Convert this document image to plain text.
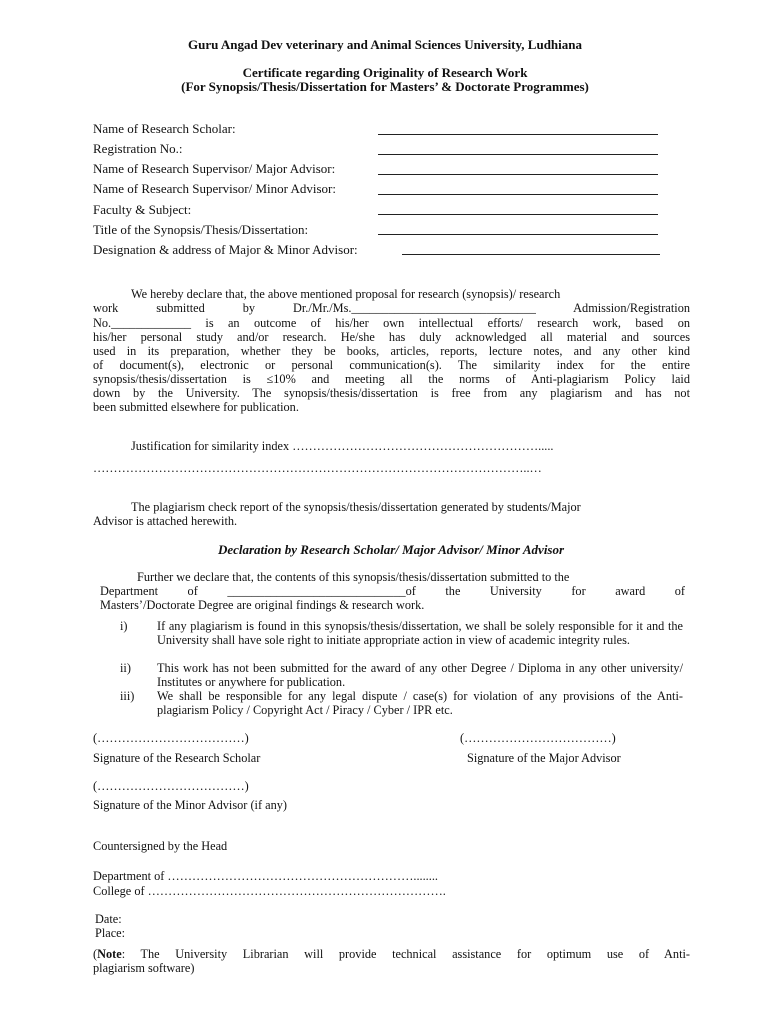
Guru Angad Dev veterinary and Animal Sciences University, Ludhiana
Certificate regarding Originality of Research Work
(For Synopsis/Thesis/Dissertation for Masters’ & Doctorate Programmes)
Name of Research Scholar:
Registration No.:
Name of Research Supervisor/ Major Advisor:
Name of Research Supervisor/ Minor Advisor:
Faculty & Subject:
Title of the Synopsis/Thesis/Dissertation:
Designation & address of Major & Minor Advisor:
We hereby declare that, the above mentioned proposal for research (synopsis)/ research
work submitted by Dr./Mr./Ms.______________________________ Admission/Registration
No._____________ is an outcome of his/her own intellectual efforts/ research work, based on
his/her personal study and/or research. He/she has duly acknowledged all material and sources
used in its preparation, whether they be books, articles, reports, lecture notes, and any other kind
of document(s), electronic or personal communication(s). The similarity index for the entire
synopsis/thesis/dissertation is ≤10% and meeting all the norms of Anti-plagiarism Policy laid
down by the University. The synopsis/thesis/dissertation is free from any plagiarism and has not
been submitted elsewhere for publication.
Justification for similarity index …………………………………………………….....
……………………………………………………………………………………………..…
The plagiarism check report of the synopsis/thesis/dissertation generated by students/Major
Advisor is attached herewith.
Declaration by Research Scholar/ Major Advisor/ Minor Advisor
Further we declare that, the contents of this synopsis/thesis/dissertation submitted to the
Department of _____________________________of the University for award of
Masters’/Doctorate Degree are original findings & research work.
i) If any plagiarism is found in this synopsis/thesis/dissertation, we shall be solely responsible for it and the University shall have sole right to initiate appropriate action in view of academic integrity rules.
ii) This work has not been submitted for the award of any other Degree / Diploma in any other university/ Institutes or anywhere for publication.
iii) We shall be responsible for any legal dispute / case(s) for violation of any provisions of the Anti-plagiarism Policy / Copyright Act / Piracy / Cyber / IPR etc.
(………………………………)
Signature of the Research Scholar
(………………………………)
Signature of the Major Advisor
(………………………………)
Signature of the Minor Advisor (if any)
Countersigned by the Head
Department of ……………………………………………………........
College of ……………………………………………………………….
Date:
Place:
(Note: The University Librarian will provide technical assistance for optimum use of Anti-
plagiarism software)
